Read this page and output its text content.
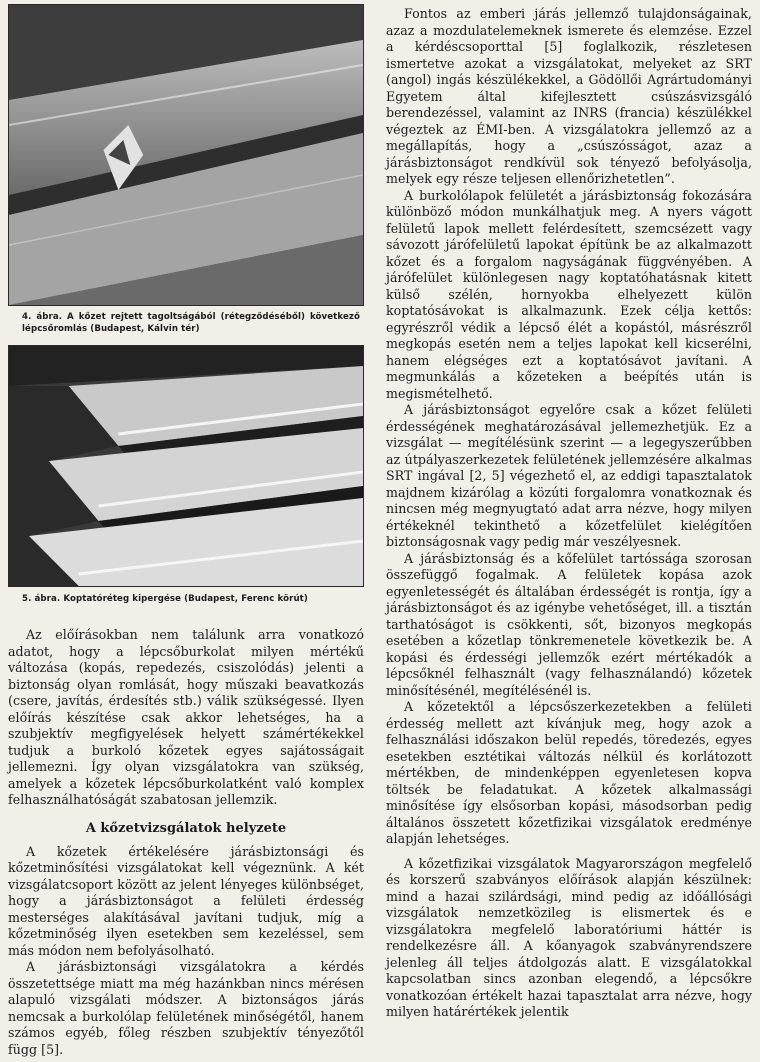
4. ábra. A kőzet rejtett tagoltságából (rétegződéséből) következő lépcsőromlás (Budapest, Kálvin tér)
5. ábra. Koptatóréteg kipergése (Budapest, Ferenc körút)

Az előírásokban nem találunk arra vonatkozó adatot, hogy a lépcsőburkolat milyen mértékű változása (kopás, repedezés, csiszolódás) jelenti a biztonság olyan romlását, hogy műszaki beavatkozás (csere, javítás, érdesítés stb.) válik szükségessé. Ilyen előírás készítése csak akkor lehetséges, ha a szubjektív megfigyelések helyett számértékekkel tudjuk a burkoló kőzetek egyes sajátosságait jellemezni. Így olyan vizsgálatokra van szükség, amelyek a kőzetek lépcsőburkolatként való komplex felhasználhatóságát szabatosan jellemzik.

A kőzetvizsgálatok helyzete

A kőzetek értékelésére járásbiztonsági és kőzetminősítési vizsgálatokat kell végeznünk. A két vizsgálatcsoport között az jelent lényeges különbséget, hogy a járásbiztonságot a felületi érdesség mesterséges alakításával javítani tudjuk, míg a kőzetminőség ilyen esetekben sem kezeléssel, sem más módon nem befolyásolható.

A járásbiztonsági vizsgálatokra a kérdés összetettsége miatt ma még hazánkban nincs mérésen alapuló vizsgálati módszer. A biztonságos járás nemcsak a burkolólap felületének minőségétől, hanem számos egyéb, főleg részben szubjektív tényezőtől függ [5].

Fontos az emberi járás jellemző tulajdonságainak, azaz a mozdulatelemeknek ismerete és elemzése. Ezzel a kérdéscsoporttal [5] foglalkozik, részletesen ismertetve azokat a vizsgálatokat, melyeket az SRT (angol) ingás készülékekkel, a Gödöllői Agrártudományi Egyetem által kifejlesztett csúszásvizsgáló berendezéssel, valamint az INRS (francia) készülékkel végeztek az ÉMI-ben. A vizsgálatokra jellemző az a megállapítás, hogy a „csúszósságot, azaz a járásbiztonságot rendkívül sok tényező befolyásolja, melyek egy része teljesen ellenőrizhetetlen”.

A burkolólapok felületét a járásbiztonság fokozására különböző módon munkálhatjuk meg. A nyers vágott felületű lapok mellett felérdesített, szemcsézett vagy sávozott járófelületű lapokat építünk be az alkalmazott kőzet és a forgalom nagyságának függvényében. A járófelület különlegesen nagy koptatóhatásnak kitett külső szélén, hornyokba elhelyezett külön koptatósávokat is alkalmazunk. Ezek célja kettős: egyrészről védik a lépcső élét a kopástól, másrészről megkopás esetén nem a teljes lapokat kell kicserélni, hanem elégséges ezt a koptatósávot javítani. A megmunkálás a kőzeteken a beépítés után is megismételhető.

A járásbiztonságot egyelőre csak a kőzet felületi érdességének meghatározásával jellemezhetjük. Ez a vizsgálat — megítélésünk szerint — a legegyszerűbben az útpályaszerkezetek felületének jellemzésére alkalmas SRT ingával [2, 5] végezhető el, az eddigi tapasztalatok majdnem kizárólag a közúti forgalomra vonatkoznak és nincsen még megnyugtató adat arra nézve, hogy milyen értékeknél tekinthető a kőzetfelület kielégítően biztonságosnak vagy pedig már veszélyesnek.

A járásbiztonság és a kőfelület tartóssága szorosan összefüggő fogalmak. A felületek kopása azok egyenletességét és általában érdességét is rontja, így a járásbiztonságot és az igénybe vehetőséget, ill. a tisztán tarthatóságot is csökkenti, sőt, bizonyos megkopás esetében a kőzetlap tönkremenetele következik be. A kopási és érdességi jellemzők ezért mértékadók a lépcsőknél felhasznált (vagy felhasználandó) kőzetek minősítésénél, megítélésénél is.

A kőzetektől a lépcsőszerkezetekben a felületi érdesség mellett azt kívánjuk meg, hogy azok a felhasználási időszakon belül repedés, töredezés, egyes esetekben esztétikai változás nélkül és korlátozott mértékben, de mindenképpen egyenletesen kopva töltsék be feladatukat. A kőzetek alkalmassági minősítése így elsősorban kopási, másodsorban pedig általános összetett kőzetfizikai vizsgálatok eredménye alapján lehetséges.

A kőzetfizikai vizsgálatok Magyarországon megfelelő és korszerű szabványos előírások alapján készülnek: mind a hazai szilárdsági, mind pedig az időállósági vizsgálatok nemzetközileg is elismertek és e vizsgálatokra megfelelő laboratóriumi háttér is rendelkezésre áll. A kőanyagok szabványrendszere jelenleg áll teljes átdolgozás alatt. E vizsgálatokkal kapcsolatban sincs azonban elegendő, a lépcsőkre vonatkozóan értékelt hazai tapasztalat arra nézve, hogy milyen határértékek jelentik
